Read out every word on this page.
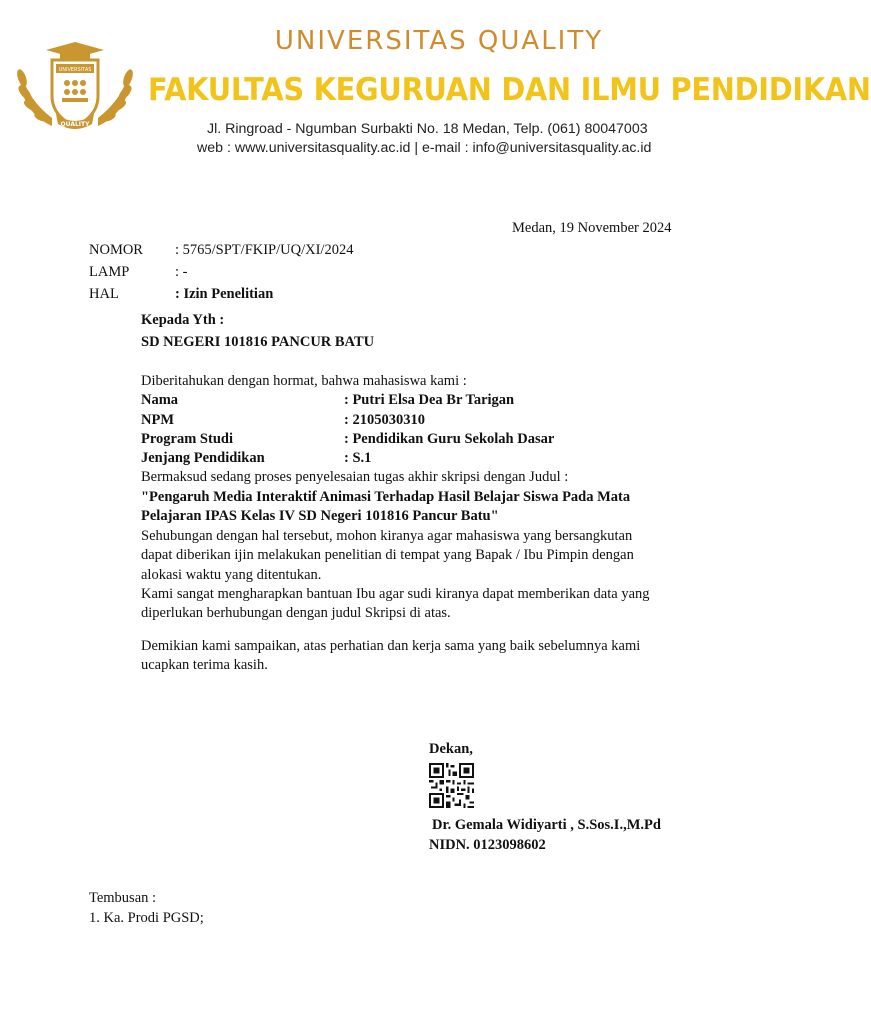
UNIVERSITAS
QUALITY
UNIVERSITAS QUALITY
FAKULTAS KEGURUAN DAN ILMU PENDIDIKAN
Jl. Ringroad - Ngumban Surbakti No. 18 Medan, Telp. (061) 80047003
web : www.universitasquality.ac.id | e-mail : info@universitasquality.ac.id
Medan, 19 November 2024
NOMOR : 5765/SPT/FKIP/UQ/XI/2024
LAMP	: -
HAL	: Izin Penelitian
Kepada Yth :
SD NEGERI 101816 PANCUR BATU
Diberitahukan dengan hormat, bahwa mahasiswa kami :
Nama	: Putri Elsa Dea Br Tarigan
NPM	: 2105030310
Program Studi	: Pendidikan Guru Sekolah Dasar
Jenjang Pendidikan	: S.1
Bermaksud sedang proses penyelesaian tugas akhir skripsi dengan Judul :
"Pengaruh Media Interaktif Animasi Terhadap Hasil Belajar Siswa Pada Mata
Pelajaran IPAS Kelas IV SD Negeri 101816 Pancur Batu"
Sehubungan dengan hal tersebut, mohon kiranya agar mahasiswa yang bersangkutan
dapat diberikan ijin melakukan penelitian di tempat yang Bapak / Ibu Pimpin dengan
alokasi waktu yang ditentukan.
Kami sangat mengharapkan bantuan Ibu agar sudi kiranya dapat memberikan data yang
diperlukan berhubungan dengan judul Skripsi di atas.
Demikian kami sampaikan, atas perhatian dan kerja sama yang baik sebelumnya kami
ucapkan terima kasih.
Dekan,
Dr. Gemala Widiyarti , S.Sos.I.,M.Pd
NIDN. 0123098602
Tembusan :
1. Ka. Prodi PGSD;
